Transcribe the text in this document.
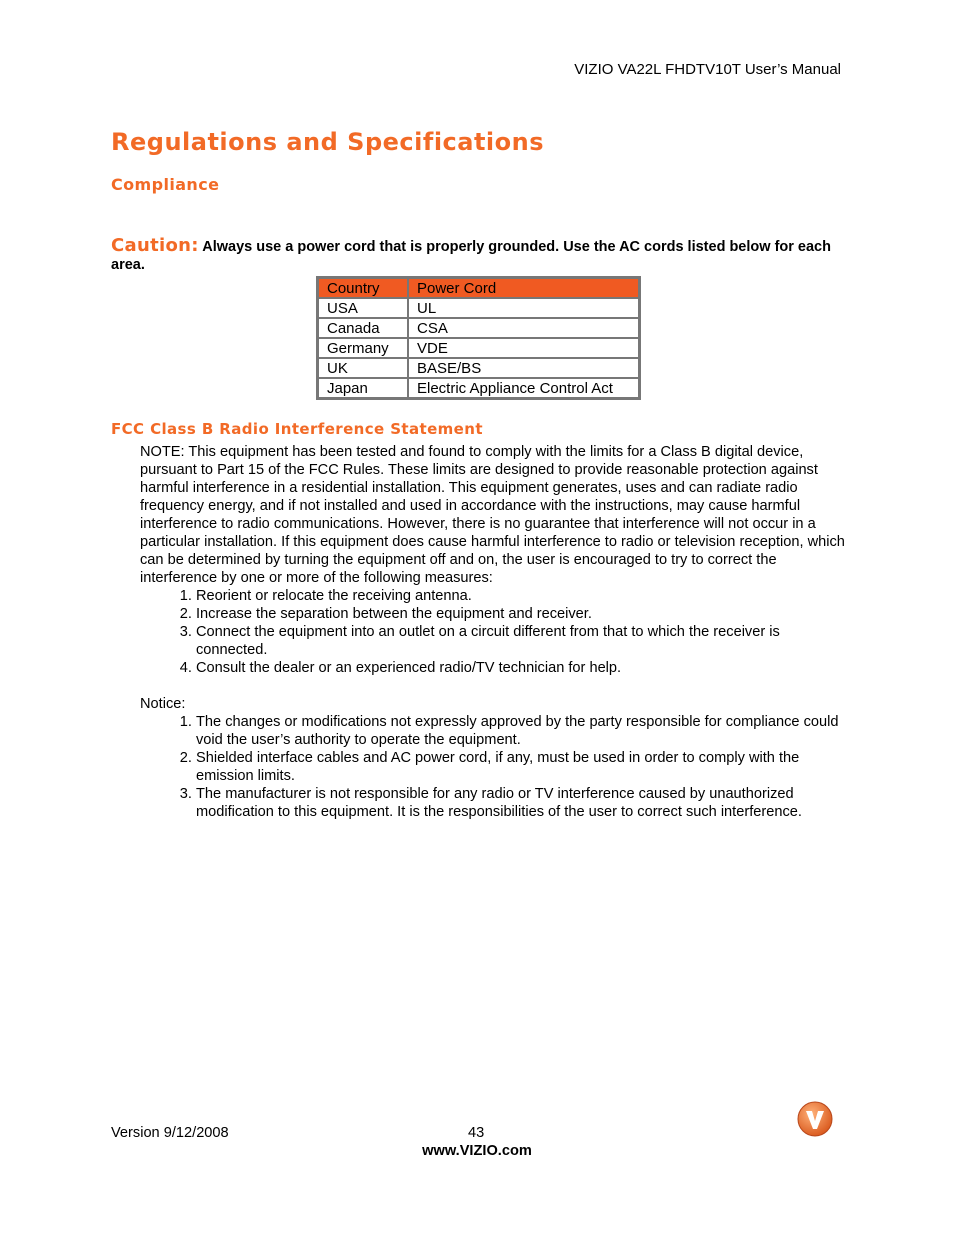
VIZIO VA22L FHDTV10T User’s Manual
Regulations and Specifications
Compliance
Caution: Always use a power cord that is properly grounded. Use the AC cords listed below for each area.
Country	Power Cord
USA	UL
Canada	CSA
Germany	VDE
UK	BASE/BS
Japan	Electric Appliance Control Act
FCC Class B Radio Interference Statement

NOTE: This equipment has been tested and found to comply with the limits for a Class B digital device, pursuant to Part 15 of the FCC Rules. These limits are designed to provide reasonable protection against harmful interference in a residential installation. This equipment generates, uses and can radiate radio frequency energy, and if not installed and used in accordance with the instructions, may cause harmful interference to radio communications. However, there is no guarantee that interference will not occur in a particular installation. If this equipment does cause harmful interference to radio or television reception, which can be determined by turning the equipment off and on, the user is encouraged to try to correct the interference by one or more of the following measures:

1. Reorient or relocate the receiving antenna.
2. Increase the separation between the equipment and receiver.
3. Connect the equipment into an outlet on a circuit different from that to which the receiver is connected.
4. Consult the dealer or an experienced radio/TV technician for help.

Notice:

1. The changes or modifications not expressly approved by the party responsible for compliance could void the user’s authority to operate the equipment.
2. Shielded interface cables and AC power cord, if any, must be used in order to comply with the emission limits.
3. The manufacturer is not responsible for any radio or TV interference caused by unauthorized modification to this equipment. It is the responsibilities of the user to correct such interference.
Version 9/12/2008	43
www.VIZIO.com
